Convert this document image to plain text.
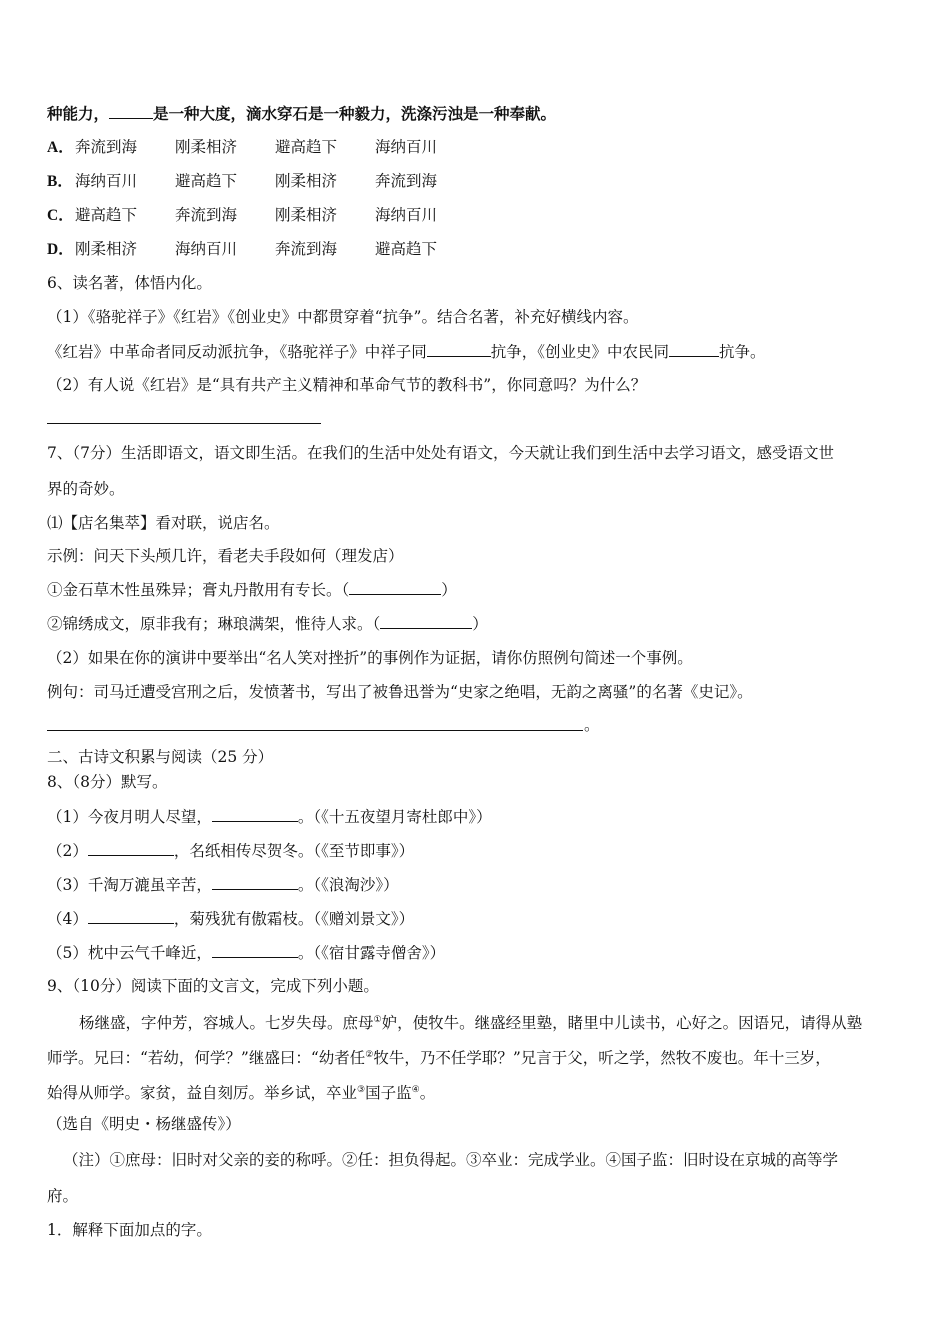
种能力，	是一种大度，滴水穿石是一种毅力，洗涤污浊是一种奉献。
A．奔流到海 刚柔相济 避高趋下 海纳百川
B． 海纳百川 避高趋下 刚柔相济 奔流到海
C．避高趋下 奔流到海 刚柔相济 海纳百川
D．刚柔相济 海纳百川 奔流到海 避高趋下
6、读名著，体悟内化。
（1）《骆驼祥子》《红岩》《创业史》中都贯穿着“抗争”。结合名著，补充好横线内容。
《红岩》中革命者同反动派抗争，《骆驼祥子》中祥子同	抗争，《创业史》中农民同	抗争。
（2）有人说《红岩》是“具有共产主义精神和革命气节的教科书”，你同意吗？为什么？
7、（7分）生活即语文，语文即生活。在我们的生活中处处有语文，今天就让我们到生活中去学习语文，感受语文世
界的奇妙。
⑴【店名集萃】看对联，说店名。
示例：问天下头颅几许，看老夫手段如何（理发店）
①金石草木性虽殊异；膏丸丹散用有专长。（	）
②锦绣成文，原非我有；琳琅满架，惟待人求。（	）
（2）如果在你的演讲中要举出“名人笑对挫折”的事例作为证据，请你仿照例句简述一个事例。
例句：司马迁遭受宫刑之后，发愤著书，写出了被鲁迅誉为“史家之绝唱，无韵之离骚”的名著《史记》。
。
二、古诗文积累与阅读（25 分）
8、（8分）默写。
（1）今夜月明人尽望，	。（《十五夜望月寄杜郎中》）
（2）	，名纸相传尽贺冬。（《至节即事》）
（3）千淘万漉虽辛苦，	。（《浪淘沙》）
（4）	，菊残犹有傲霜枝。（《赠刘景文》）
（5）枕中云气千峰近，	。（《宿甘露寺僧舍》）
9、（10分）阅读下面的文言文，完成下列小题。
杨继盛，字仲芳，容城人。七岁失母。庶母①妒，使牧牛。继盛经里塾，睹里中儿读书，心好之。因语兄，请得从塾
师学。兄曰：“若幼，何学？”继盛曰：“幼者任②牧牛，乃不任学耶？”兄言于父，听之学，然牧不废也。年十三岁，
始得从师学。家贫，益自刻厉。举乡试，卒业③国子监④。
（选自《明史・杨继盛传》）
（注）①庶母：旧时对父亲的妾的称呼。②任：担负得起。③卒业：完成学业。④国子监：旧时设在京城的高等学
府。
1．解释下面加点的字。
